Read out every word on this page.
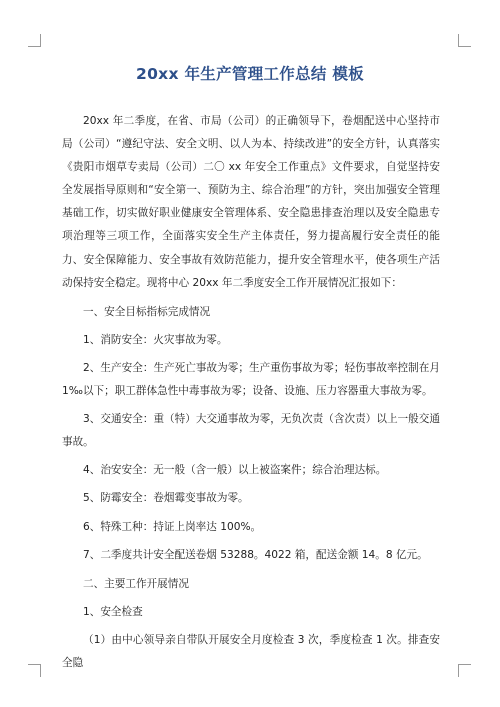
20xx 年生产管理工作总结 模板

20xx 年二季度，在省、市局（公司）的正确领导下，卷烟配送中心坚持市局（公司）“遵纪守法、安全文明、以人为本、持续改进”的安全方针，认真落实《贵阳市烟草专卖局（公司）二〇 xx 年安全工作重点》文件要求，自觉坚持安全发展指导原则和“安全第一、预防为主、综合治理”的方针，突出加强安全管理基础工作，切实做好职业健康安全管理体系、安全隐患排查治理以及安全隐患专项治理等三项工作，全面落实安全生产主体责任，努力提高履行安全责任的能力、安全保障能力、安全事故有效防范能力，提升安全管理水平，使各项生产活动保持安全稳定。现将中心 20xx 年二季度安全工作开展情况汇报如下：

一、安全目标指标完成情况

1、消防安全：火灾事故为零。

2、生产安全：生产死亡事故为零；生产重伤事故为零；轻伤事故率控制在月 1‰以下；职工群体急性中毒事故为零；设备、设施、压力容器重大事故为零。

3、交通安全：重（特）大交通事故为零，无负次责（含次责）以上一般交通事故。

4、治安安全：无一般（含一般）以上被盗案件；综合治理达标。

5、防霉安全：卷烟霉变事故为零。

6、特殊工种：持证上岗率达 100%。

7、二季度共计安全配送卷烟 53288。4022 箱，配送金额 14。8 亿元。

二、主要工作开展情况

1、安全检查

（1）由中心领导亲自带队开展安全月度检查 3 次，季度检查 1 次。排查安全隐
